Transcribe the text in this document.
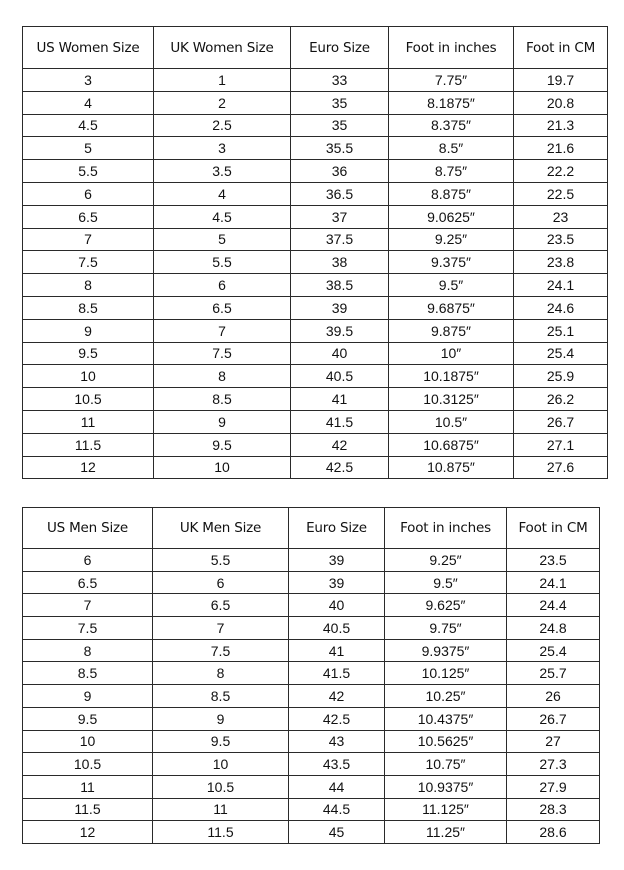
US Women Size	UK Women Size	Euro Size	Foot in inches	Foot in CM
3	1	33	7.75″	19.7
4	2	35	8.1875″	20.8
4.5	2.5	35	8.375″	21.3
5	3	35.5	8.5″	21.6
5.5	3.5	36	8.75″	22.2
6	4	36.5	8.875″	22.5
6.5	4.5	37	9.0625″	23
7	5	37.5	9.25″	23.5
7.5	5.5	38	9.375″	23.8
8	6	38.5	9.5″	24.1
8.5	6.5	39	9.6875″	24.6
9	7	39.5	9.875″	25.1
9.5	7.5	40	10″	25.4
10	8	40.5	10.1875″	25.9
10.5	8.5	41	10.3125″	26.2
11	9	41.5	10.5″	26.7
11.5	9.5	42	10.6875″	27.1
12	10	42.5	10.875″	27.6
US Men Size	UK Men Size	Euro Size	Foot in inches	Foot in CM
6	5.5	39	9.25″	23.5
6.5	6	39	9.5″	24.1
7	6.5	40	9.625″	24.4
7.5	7	40.5	9.75″	24.8
8	7.5	41	9.9375″	25.4
8.5	8	41.5	10.125″	25.7
9	8.5	42	10.25″	26
9.5	9	42.5	10.4375″	26.7
10	9.5	43	10.5625″	27
10.5	10	43.5	10.75″	27.3
11	10.5	44	10.9375″	27.9
11.5	11	44.5	11.125″	28.3
12	11.5	45	11.25″	28.6
